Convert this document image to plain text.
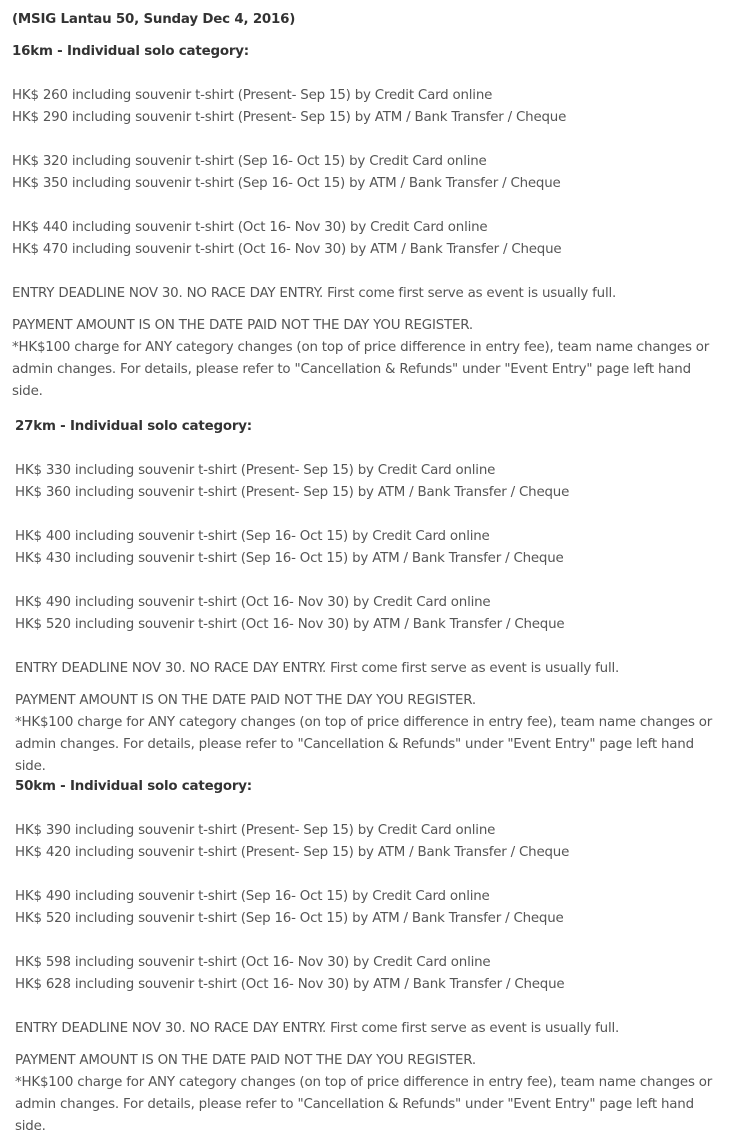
(MSIG Lantau 50, Sunday Dec 4, 2016)
16km - Individual solo category:
HK$ 260 including souvenir t-shirt (Present- Sep 15) by Credit Card online
HK$ 290 including souvenir t-shirt (Present- Sep 15) by ATM / Bank Transfer / Cheque
HK$ 320 including souvenir t-shirt (Sep 16- Oct 15) by Credit Card online
HK$ 350 including souvenir t-shirt (Sep 16- Oct 15) by ATM / Bank Transfer / Cheque
HK$ 440 including souvenir t-shirt (Oct 16- Nov 30) by Credit Card online
HK$ 470 including souvenir t-shirt (Oct 16- Nov 30) by ATM / Bank Transfer / Cheque
ENTRY DEADLINE NOV 30. NO RACE DAY ENTRY. First come first serve as event is usually full.
PAYMENT AMOUNT IS ON THE DATE PAID NOT THE DAY YOU REGISTER.
*HK$100 charge for ANY category changes (on top of price difference in entry fee), team name changes or admin changes. For details, please refer to "Cancellation & Refunds" under "Event Entry" page left hand side.
27km - Individual solo category:
HK$ 330 including souvenir t-shirt (Present- Sep 15) by Credit Card online
HK$ 360 including souvenir t-shirt (Present- Sep 15) by ATM / Bank Transfer / Cheque
HK$ 400 including souvenir t-shirt (Sep 16- Oct 15) by Credit Card online
HK$ 430 including souvenir t-shirt (Sep 16- Oct 15) by ATM / Bank Transfer / Cheque
HK$ 490 including souvenir t-shirt (Oct 16- Nov 30) by Credit Card online
HK$ 520 including souvenir t-shirt (Oct 16- Nov 30) by ATM / Bank Transfer / Cheque
ENTRY DEADLINE NOV 30. NO RACE DAY ENTRY. First come first serve as event is usually full.
PAYMENT AMOUNT IS ON THE DATE PAID NOT THE DAY YOU REGISTER.
*HK$100 charge for ANY category changes (on top of price difference in entry fee), team name changes or admin changes. For details, please refer to "Cancellation & Refunds" under "Event Entry" page left hand side.
50km - Individual solo category:
HK$ 390 including souvenir t-shirt (Present- Sep 15) by Credit Card online
HK$ 420 including souvenir t-shirt (Present- Sep 15) by ATM / Bank Transfer / Cheque
HK$ 490 including souvenir t-shirt (Sep 16- Oct 15) by Credit Card online
HK$ 520 including souvenir t-shirt (Sep 16- Oct 15) by ATM / Bank Transfer / Cheque
HK$ 598 including souvenir t-shirt (Oct 16- Nov 30) by Credit Card online
HK$ 628 including souvenir t-shirt (Oct 16- Nov 30) by ATM / Bank Transfer / Cheque
ENTRY DEADLINE NOV 30. NO RACE DAY ENTRY. First come first serve as event is usually full.
PAYMENT AMOUNT IS ON THE DATE PAID NOT THE DAY YOU REGISTER.
*HK$100 charge for ANY category changes (on top of price difference in entry fee), team name changes or admin changes. For details, please refer to "Cancellation & Refunds" under "Event Entry" page left hand side.
